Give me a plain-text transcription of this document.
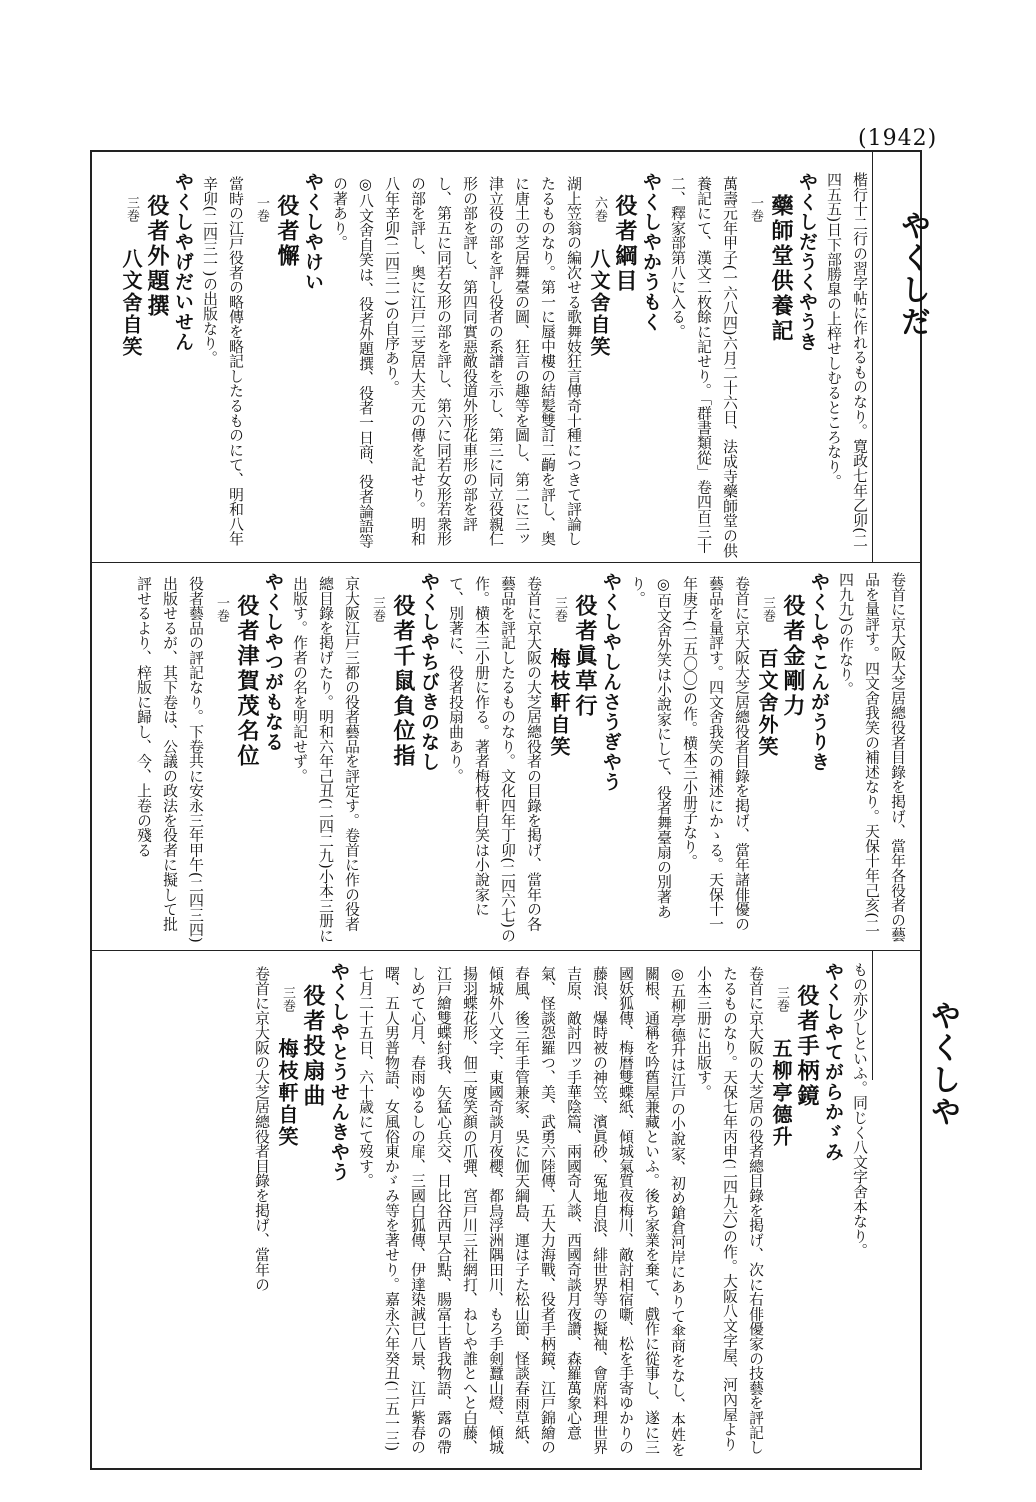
(1942)
やくしだ
やくしや
楷行十二行の習字帖に作れるものなり。寛政七年乙卯(二四五五)日下部勝皐の上梓せしむるところなり。
やくしだうくやうき
藥師堂供養記
一巻
萬壽元年甲子(一六八四)六月二十六日、法成寺藥師堂の供養記にて、漢文二枚餘に記せり。「群書類從」卷四百三十二、釋家部第八に入る。
やくしやかうもく
役者綱目
六巻八文舍自笑
湖上笠翁の編次せる歌舞妓狂言傳奇十種につきて評論したるものなり。第一に蜃中樓の結髪雙訂二齣を評し、奥に唐土の芝居舞臺の圖、狂言の趣等を圖し、第二に三ッ津立役の部を評し役者の系譜を示し、第三に同立役親仁形の部を評し、第四同實惡敵役道外形花車形の部を評し、第五に同若女形の部を評し、第六に同若女形若衆形の部を評し、奥に江戸三芝居大夫元の傳を記せり。明和八年辛卯(二四三一)の自序あり。
◎八文舍自笑は、役者外題撰、役者一日商、役者論語等の著あり。
やくしやけい
役者懈
一巻
當時の江戸役者の略傳を略記したるものにて、明和八年辛卯(二四三一)の出版なり。
やくしやげだいせん
役者外題撰
三巻八文舍自笑
卷首に京大阪大芝居總役者目錄を掲げ、當年各役者の藝品を量評す。四文舍我笑の補述なり。天保十年己亥(二四九九)の作なり。
やくしやこんがうりき
役者金剛力
三巻百文舍外笑
卷首に京大阪大芝居總役者目錄を掲げ、當年諸俳優の藝品を量評す。四文舍我笑の補述にかゝる。天保十一年庚子(二五〇〇)の作。横本三小册子なり。
◎百文舍外笑は小說家にして、役者舞臺扇の別著あり。
やくしやしんさうぎやう
役者眞草行
三巻梅枝軒自笑
卷首に京大阪の大芝居總役者の目錄を掲げ、當年の各藝品を評記したるものなり。文化四年丁卯(二四六七)の作。横本三小册に作る。著者梅枝軒自笑は小說家にて、別著に、役者投扇曲あり。
やくしやちびきのなし
役者千鼠負位指
三巻
京大阪江戸三都の役者藝品を評定す。卷首に作の役者總目錄を掲げたり。明和六年己丑(二四二九)小本三册に出版す。作者の名を明記せず。
やくしやつがもなる
役者津賀茂名位
一巻
役者藝品の評記なり。下卷共に安永三年甲午(二四三四)出版せるが、其下卷は、公議の政法を役者に擬して批評せるより、梓版に歸し、今、上卷の殘る
もの亦少しといふ。同じく八文字舍本なり。
やくしやてがらかゞみ
役者手柄鏡
三巻五柳亭德升
卷首に京大阪の大芝居の役者總目錄を掲げ、次に右俳優家の技藝を評記したるものなり。天保七年丙申(二四九六)の作。大阪八文字屋、河內屋より小本三册に出版す。
◎五柳亭德升は江戸の小說家、初め鎗倉河岸にありて傘商をなし、本姓を關根、通稱を吟舊屋兼藏といふ。後ち家業を棄て、戲作に從事し、遂に三國妖狐傳、梅暦雙蝶紙、傾城氣質夜梅川、敵討相宿噺、松を手寄ゆかりの藤浪、爆時被の神笠、濱眞砂、冤地自浪、緋世界等の擬袖、會席料理世界吉原、敵討四ッ手華陰篇、兩國奇人談、西國奇談月夜讚、森羅萬象心意氣、怪談怨羅つ、美、武勇六陸傳、五大力海戰、役者手柄鏡、江戸錦繪の春風、後三年手管兼家、吳に伽天綱島、運は子た松山節、怪談春雨草紙、傾城外八文字、東國奇談月夜櫻、都鳥浮洲隅田川、もろ手剣蠶山燈、傾城揚羽蝶花形、佃二度笑顔の爪彈、宮戸川三社網打、ねしや誰とへと白藤、江戸繪雙蝶紂我、矢猛心兵交、日比谷西早合點、腸富士皆我物語、露の帶しめて心月、春雨ゆるしの扉、三國白狐傳、伊達染誠巳八景、江戸紫春の曙、五人男普物語、女風俗東かゞみ等を著せり。嘉永六年癸丑(二五一三)七月二十五日、六十歳にて歿す。
やくしやとうせんきやう
役者投扇曲
三巻梅枝軒自笑
卷首に京大阪の大芝居總役者目錄を掲げ、當年の
